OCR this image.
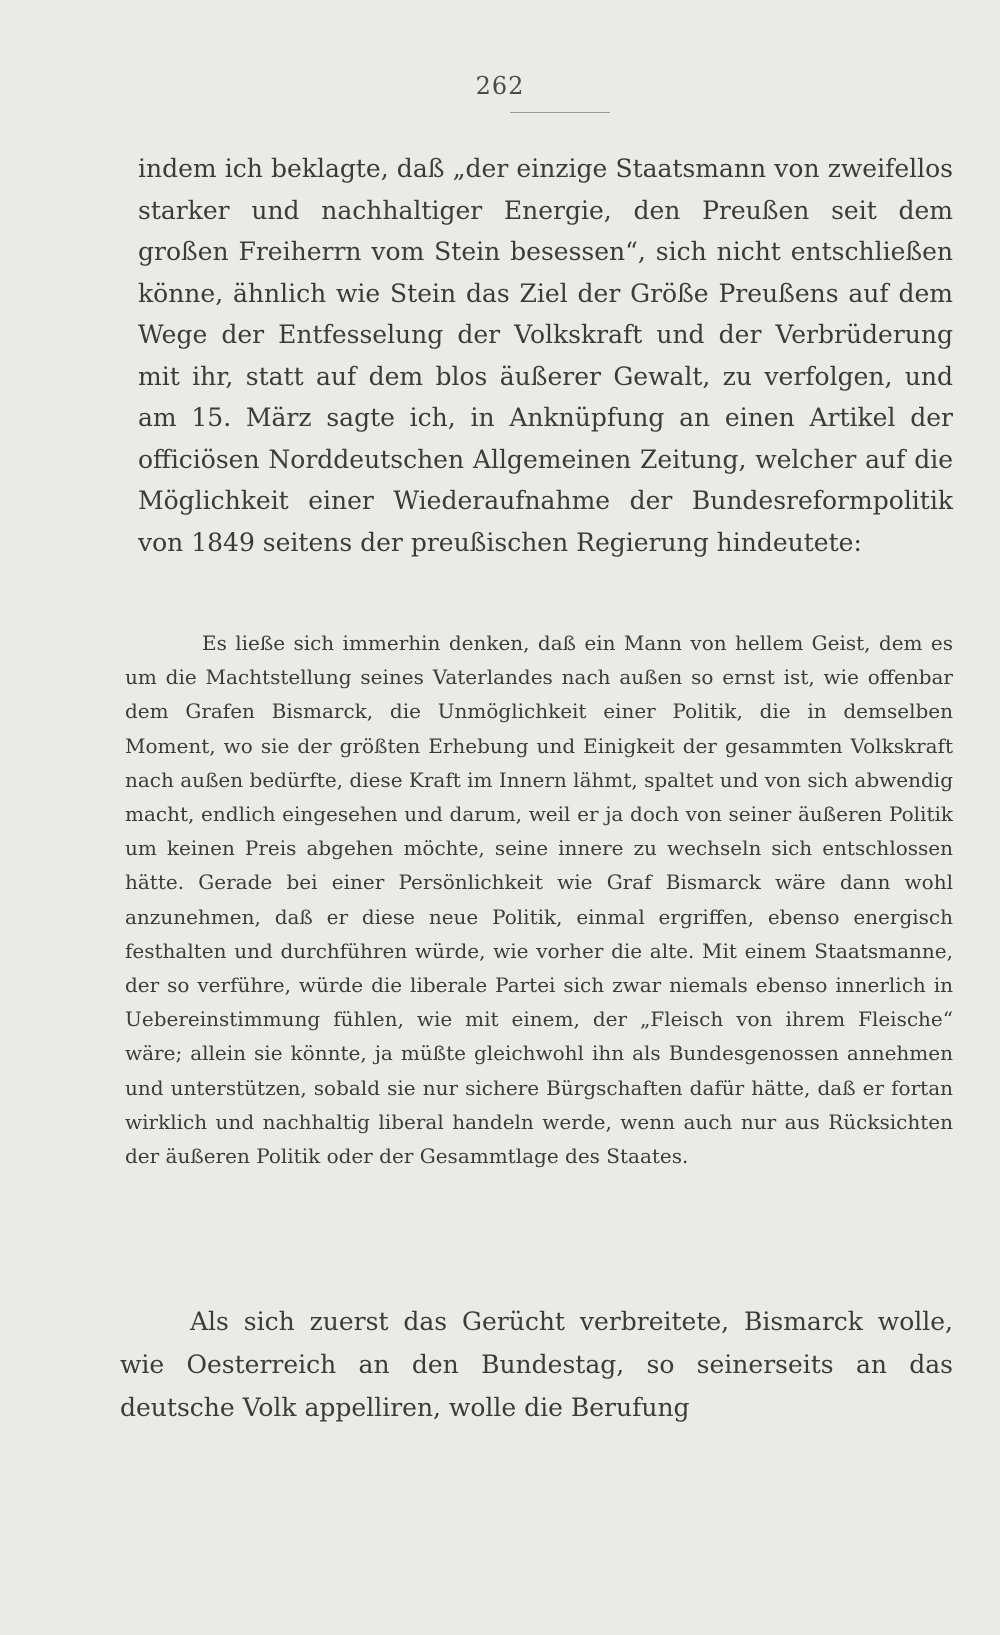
262

indem ich beklagte, daß „der einzige Staatsmann von zweifellos starker und nachhaltiger Energie, den Preußen seit dem großen Freiherrn vom Stein besessen“, sich nicht entschließen könne, ähnlich wie Stein das Ziel der Größe Preußens auf dem Wege der Entfesselung der Volkskraft und der Verbrüderung mit ihr, statt auf dem blos äußerer Gewalt, zu verfolgen, und am 15. März sagte ich, in Anknüpfung an einen Artikel der officiösen Norddeutschen Allgemeinen Zeitung, welcher auf die Möglichkeit einer Wiederaufnahme der Bundesreformpolitik von 1849 seitens der preußischen Regierung hindeutete:

Es ließe sich immerhin denken, daß ein Mann von hellem Geist, dem es um die Machtstellung seines Vaterlandes nach außen so ernst ist, wie offenbar dem Grafen Bismarck, die Unmöglichkeit einer Politik, die in demselben Moment, wo sie der größten Erhebung und Einigkeit der gesammten Volkskraft nach außen bedürfte, diese Kraft im Innern lähmt, spaltet und von sich abwendig macht, endlich eingesehen und darum, weil er ja doch von seiner äußeren Politik um keinen Preis abgehen möchte, seine innere zu wechseln sich entschlossen hätte. Gerade bei einer Persönlichkeit wie Graf Bismarck wäre dann wohl anzunehmen, daß er diese neue Politik, einmal ergriffen, ebenso energisch festhalten und durchführen würde, wie vorher die alte. Mit einem Staatsmanne, der so verführe, würde die liberale Partei sich zwar niemals ebenso innerlich in Uebereinstimmung fühlen, wie mit einem, der „Fleisch von ihrem Fleische“ wäre; allein sie könnte, ja müßte gleichwohl ihn als Bundesgenossen annehmen und unterstützen, sobald sie nur sichere Bürgschaften dafür hätte, daß er fortan wirklich und nachhaltig liberal handeln werde, wenn auch nur aus Rücksichten der äußeren Politik oder der Gesammtlage des Staates.

Als sich zuerst das Gerücht verbreitete, Bismarck wolle, wie Oesterreich an den Bundestag, so seinerseits an das deutsche Volk appelliren, wolle die Berufung
